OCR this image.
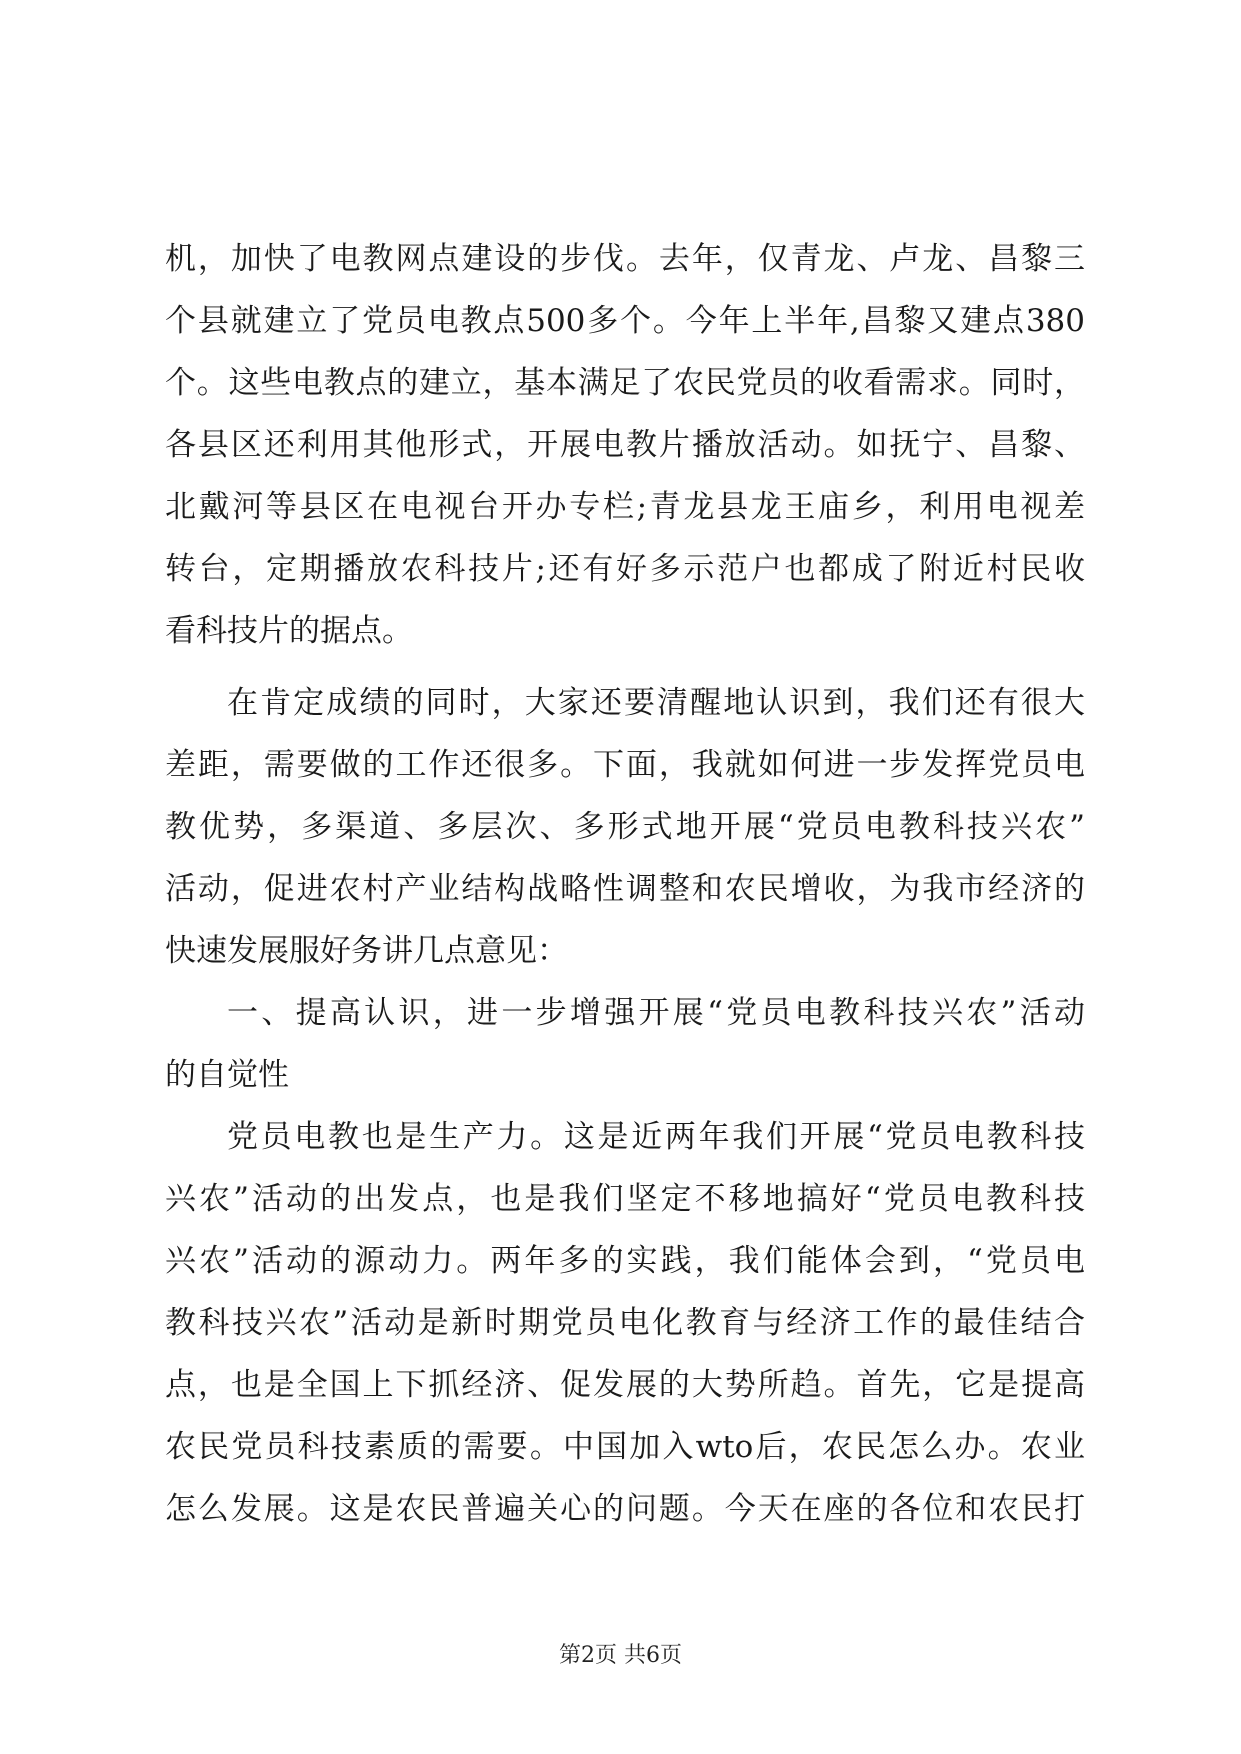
机，加快了电教网点建设的步伐。去年，仅青龙、卢龙、昌黎三
个县就建立了党员电教点500多个。今年上半年,昌黎又建点380
个。这些电教点的建立，基本满足了农民党员的收看需求。同时，
各县区还利用其他形式，开展电教片播放活动。如抚宁、昌黎、
北戴河等县区在电视台开办专栏;青龙县龙王庙乡，利用电视差
转台，定期播放农科技片;还有好多示范户也都成了附近村民收
看科技片的据点。
在肯定成绩的同时，大家还要清醒地认识到，我们还有很大
差距，需要做的工作还很多。下面，我就如何进一步发挥党员电
教优势，多渠道、多层次、多形式地开展“党员电教科技兴农”
活动，促进农村产业结构战略性调整和农民增收，为我市经济的
快速发展服好务讲几点意见：
一、提高认识，进一步增强开展“党员电教科技兴农”活动
的自觉性
党员电教也是生产力。这是近两年我们开展“党员电教科技
兴农”活动的出发点，也是我们坚定不移地搞好“党员电教科技
兴农”活动的源动力。两年多的实践，我们能体会到，“党员电
教科技兴农”活动是新时期党员电化教育与经济工作的最佳结合
点，也是全国上下抓经济、促发展的大势所趋。首先，它是提高
农民党员科技素质的需要。中国加入wto后，农民怎么办。农业
怎么发展。这是农民普遍关心的问题。今天在座的各位和农民打
第2页 共6页
